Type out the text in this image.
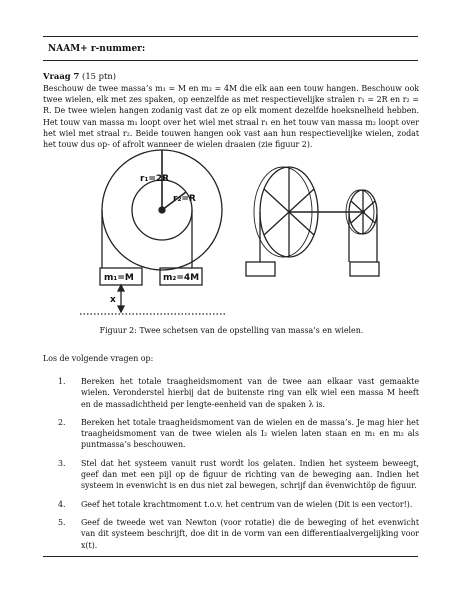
NAAM+ r-nummer:
Vraag 7 (15 ptn)
Beschouw de twee massa’s m₁ = M en m₂ = 4M die elk aan een touw hangen. Beschouw ook twee wielen, elk met zes spaken, op eenzelfde as met respectievelijke stralen r₁ = 2R en r₂ = R. De twee wielen hangen zodanig vast dat ze op elk moment dezelfde hoeksnelheid hebben. Het touw van massa m₁ loopt over het wiel met straal r₁ en het touw van massa m₂ loopt over het wiel met straal r₂. Beide touwen hangen ook vast aan hun respectievelijke wielen, zodat het touw dus op- of afrolt wanneer de wielen draaien (zie figuur 2).
r₁=2R
r₂=R
m₁=M	m₂=4M
x
Figuur 2: Twee schetsen van de opstelling van massa’s en wielen.
Los de volgende vragen op:
1. Bereken het totale traagheidsmoment van de twee aan elkaar vast gemaakte wielen. Veronderstel hierbij dat de buitenste ring van elk wiel een massa M heeft en de massadichtheid per lengte-eenheid van de spaken λ is.
2. Bereken het totale traagheidsmoment van de wielen en de massa’s. Je mag hier het traagheidsmoment van de twee wielen als I₂ wielen laten staan en m₁ en m₂ als puntmassa’s beschouwen.
3. Stel dat het systeem vanuit rust wordt los gelaten. Indien het systeem beweegt, geef dan met een pijl op de figuur de richting van de beweging aan. Indien het systeem in evenwicht is en dus niet zal bewegen, schrijf dan ëvenwichtöp de figuur.
4. Geef het totale krachtmoment t.o.v. het centrum van de wielen (Dit is een vector!).
5. Geef de tweede wet van Newton (voor rotatie) die de beweging of het evenwicht van dit systeem beschrijft, doe dit in de vorm van een differentiaalvergelijking voor x(t).
